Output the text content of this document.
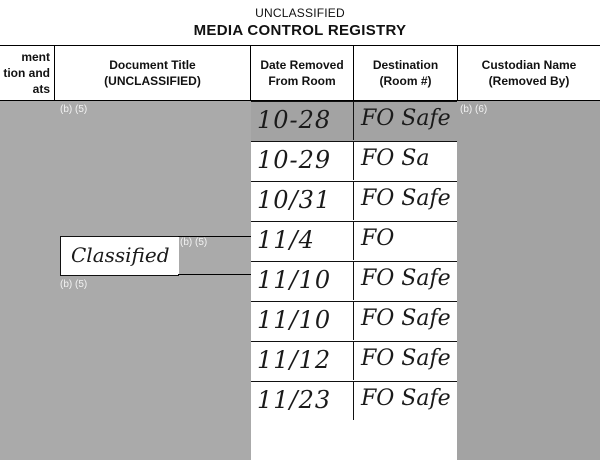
UNCLASSIFIED
MEDIA CONTROL REGISTRY
ment
tion and
ats
Document Title
(UNCLASSIFIED)
Date Removed
From Room
Destination
(Room #)
Custodian Name
(Removed By)
(b) (5)	(b) (6)
(b) (5)
(b) (5)
Classified
10-28 FO Safe
10-29 FO Sa
10/31 FO Safe
11/4 FO
11/10 FO Safe
11/10 FO Safe
11/12 FO Safe
11/23 FO Safe
